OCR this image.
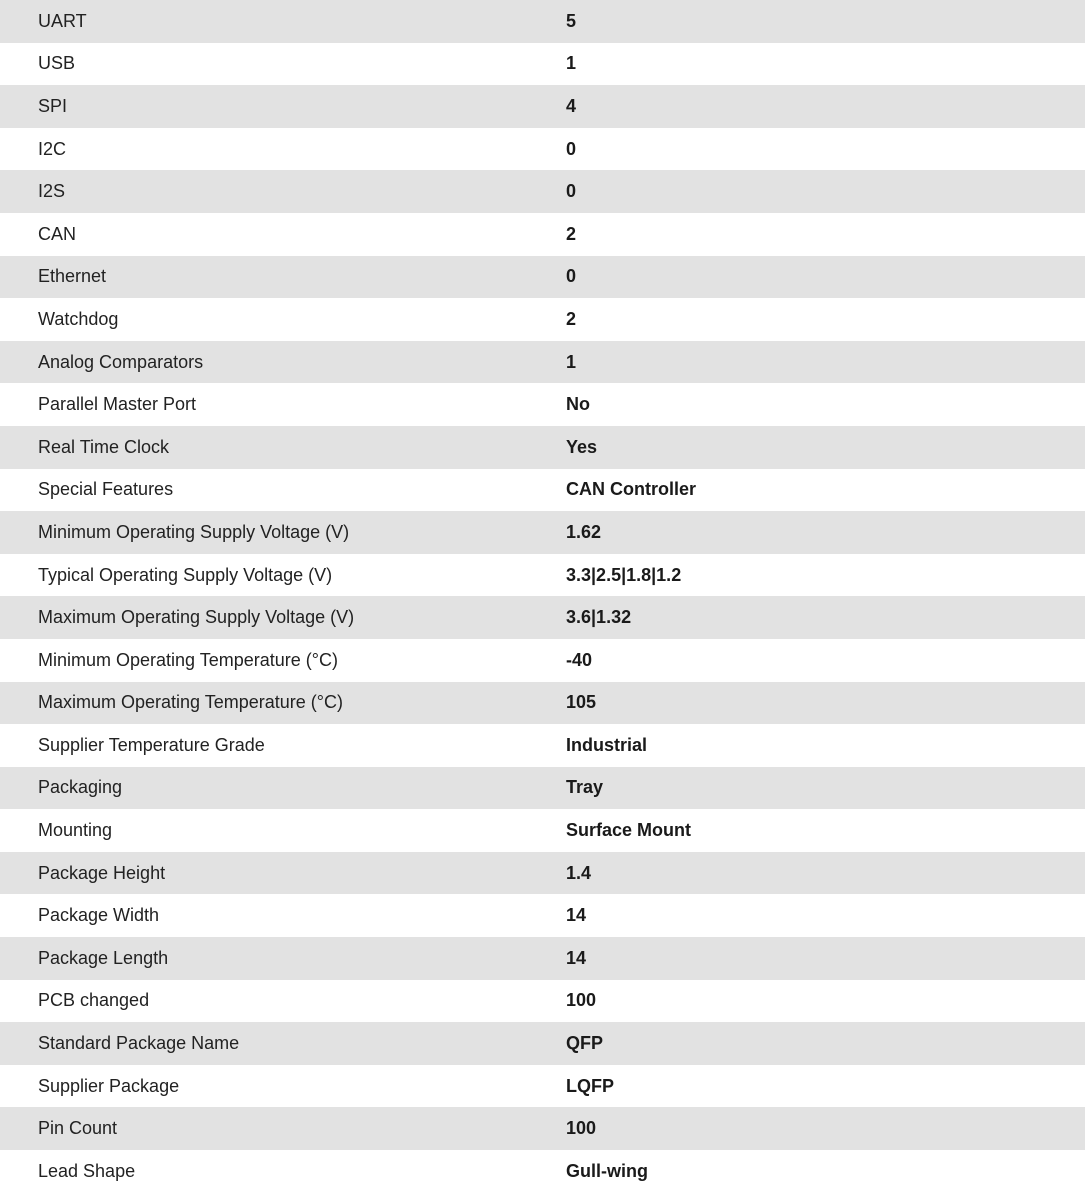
UART	5
USB	1
SPI	4
I2C	0
I2S	0
CAN	2
Ethernet	0
Watchdog	2
Analog Comparators	1
Parallel Master Port	No
Real Time Clock	Yes
Special Features	CAN Controller
Minimum Operating Supply Voltage (V)	1.62
Typical Operating Supply Voltage (V)	3.3|2.5|1.8|1.2
Maximum Operating Supply Voltage (V)	3.6|1.32
Minimum Operating Temperature (°C)	-40
Maximum Operating Temperature (°C)	105
Supplier Temperature Grade	Industrial
Packaging	Tray
Mounting	Surface Mount
Package Height	1.4
Package Width	14
Package Length	14
PCB changed	100
Standard Package Name	QFP
Supplier Package	LQFP
Pin Count	100
Lead Shape	Gull-wing
